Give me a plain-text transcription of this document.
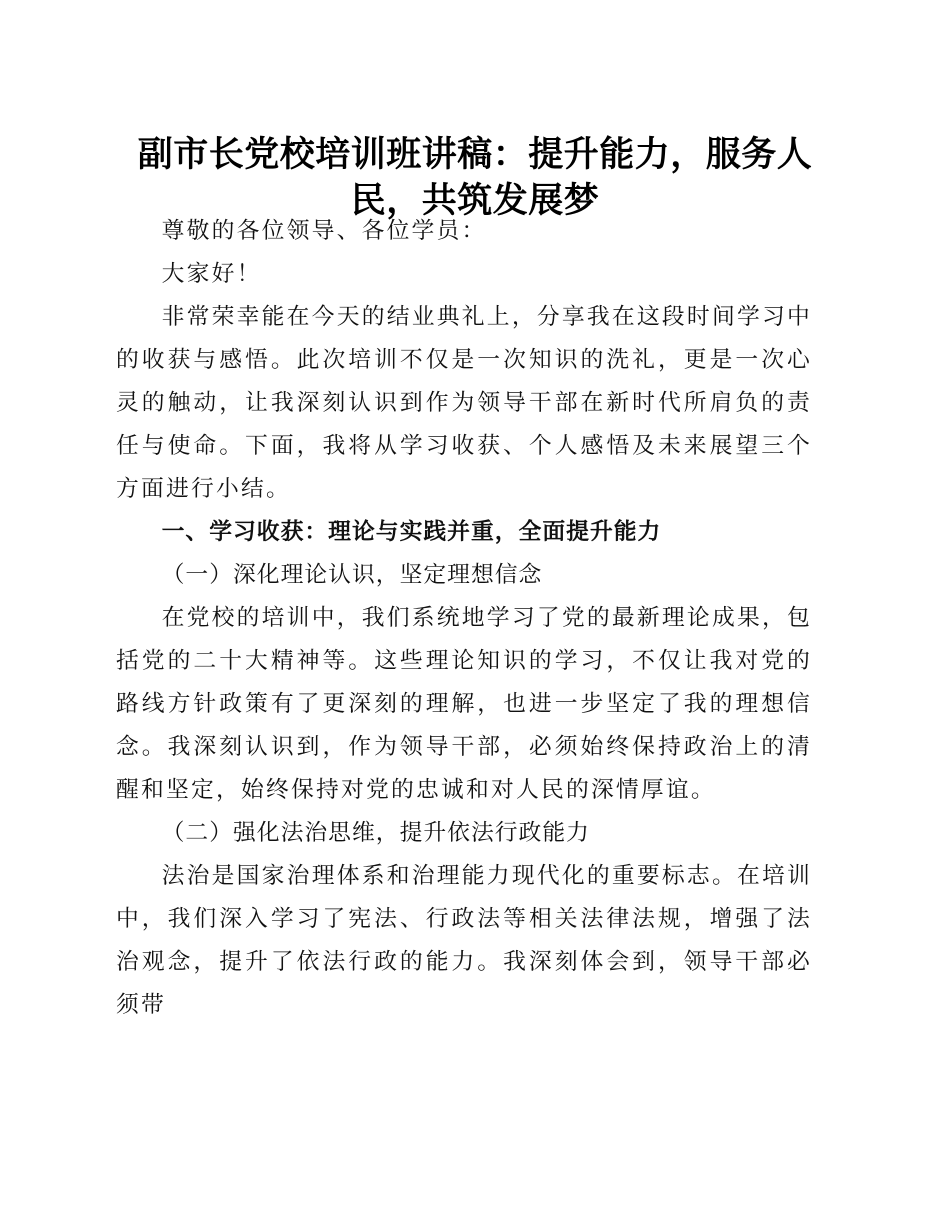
副市长党校培训班讲稿：提升能力，服务人民，共筑发展梦

尊敬的各位领导、各位学员：

大家好！

非常荣幸能在今天的结业典礼上，分享我在这段时间学习中的收获与感悟。此次培训不仅是一次知识的洗礼，更是一次心灵的触动，让我深刻认识到作为领导干部在新时代所肩负的责任与使命。下面，我将从学习收获、个人感悟及未来展望三个方面进行小结。

一、学习收获：理论与实践并重，全面提升能力

（一）深化理论认识，坚定理想信念

在党校的培训中，我们系统地学习了党的最新理论成果，包括党的二十大精神等。这些理论知识的学习，不仅让我对党的路线方针政策有了更深刻的理解，也进一步坚定了我的理想信念。我深刻认识到，作为领导干部，必须始终保持政治上的清醒和坚定，始终保持对党的忠诚和对人民的深情厚谊。

（二）强化法治思维，提升依法行政能力

法治是国家治理体系和治理能力现代化的重要标志。在培训中，我们深入学习了宪法、行政法等相关法律法规，增强了法治观念，提升了依法行政的能力。我深刻体会到，领导干部必须带
